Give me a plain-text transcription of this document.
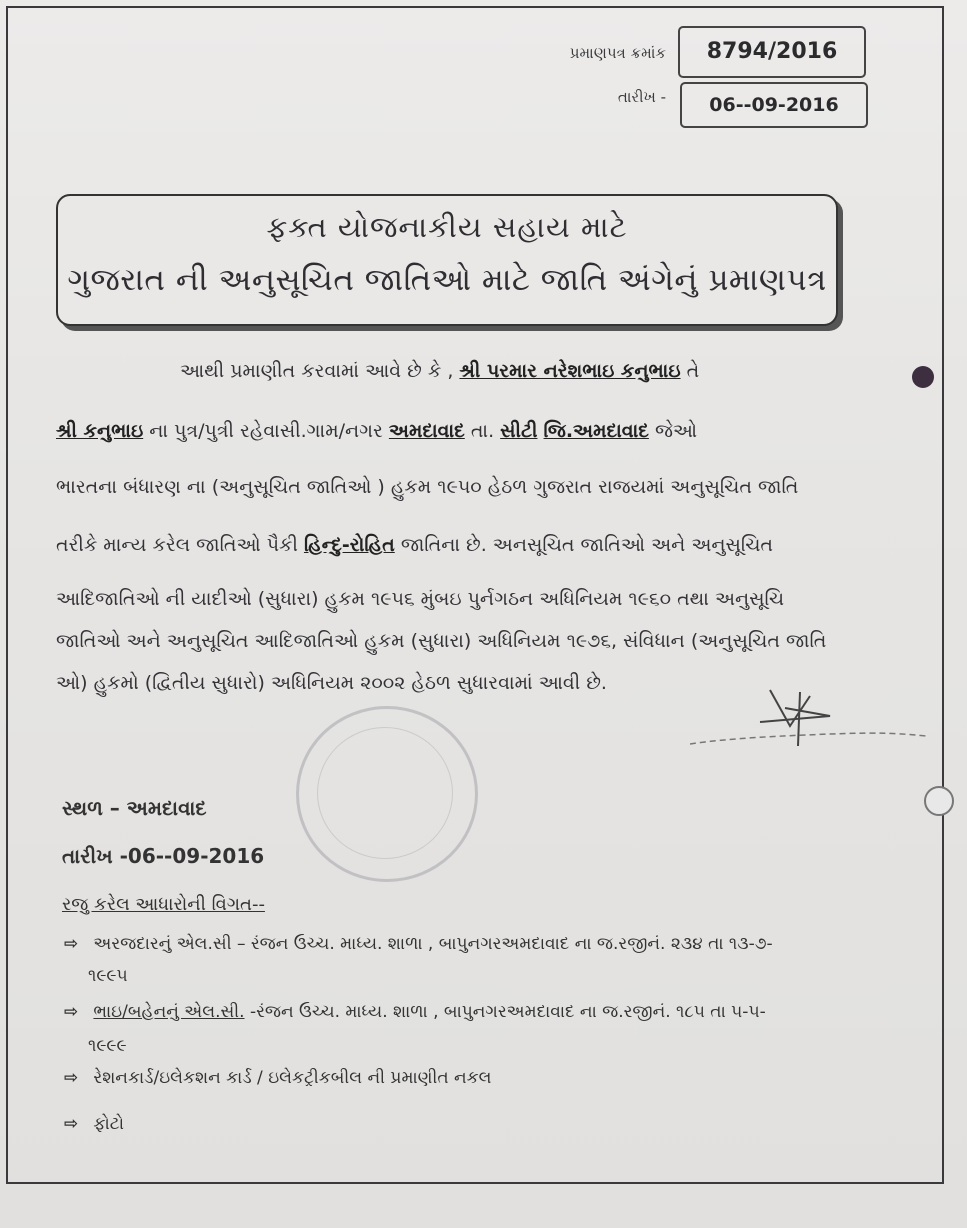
પ્રમાણપત્ર ક્રમાંક	8794/2016
તારીખ -	06--09-2016
ફક્ત યોજનાકીય સહાય માટે
ગુજરાત ની અનુસૂચિત જાતિઓ માટે જાતિ અંગેનું પ્રમાણપત્ર
આથી પ્રમાણીત કરવામાં આવે છે કે , શ્રી પરમાર નરેશભાઇ કનુભાઇ તે
શ્રી કનુભાઇ ના પુત્ર/પુત્રી રહેવાસી.ગામ/નગર અમદાવાદ તા. સીટી જિ.અમદાવાદ જેઓ
ભારતના બંધારણ ના (અનુસૂચિત જાતિઓ ) હુકમ ૧૯૫૦ હેઠળ ગુજરાત રાજયમાં અનુસૂચિત જાતિ
તરીકે માન્ય કરેલ જાતિઓ પૈકી હિન્દુ-રોહિત જાતિના છે. અનસૂચિત જાતિઓ અને અનુસૂચિત
આદિજાતિઓ ની યાદીઓ (સુધારા) હુકમ ૧૯૫૬ મુંબઇ પુર્નગઠન અધિનિયમ ૧૯૬૦ તથા અનુસૂચિ
જાતિઓ અને અનુસૂચિત આદિજાતિઓ હુકમ (સુધારા) અધિનિયમ ૧૯૭૬, સંવિધાન (અનુસૂચિત જાતિ
ઓ) હુકમો (દ્વિતીય સુધારો) અધિનિયમ ૨૦૦૨ હેઠળ સુધારવામાં આવી છે.
સ્થળ – અમદાવાદ
તારીખ -06--09-2016
રજુ કરેલ આધારોની વિગત--
⇨ અરજદારનું એલ.સી – રંજન ઉચ્ચ. માધ્ય. શાળા , બાપુનગરઅમદાવાદ ના જ.રજીનં. ૨૩૪ તા ૧૩-૭-
૧૯૯૫
⇨ ભાઇ/બહેનનું એલ.સી. -રંજન ઉચ્ચ. માધ્ય. શાળા , બાપુનગરઅમદાવાદ ના જ.રજીનં. ૧૮૫ તા ૫-૫-
૧૯૯૯
⇨ રેશનકાર્ડ/ઇલેકશન કાર્ડ / ઇલેકટ્રીકબીલ ની પ્રમાણીત નકલ
⇨ ફોટો
